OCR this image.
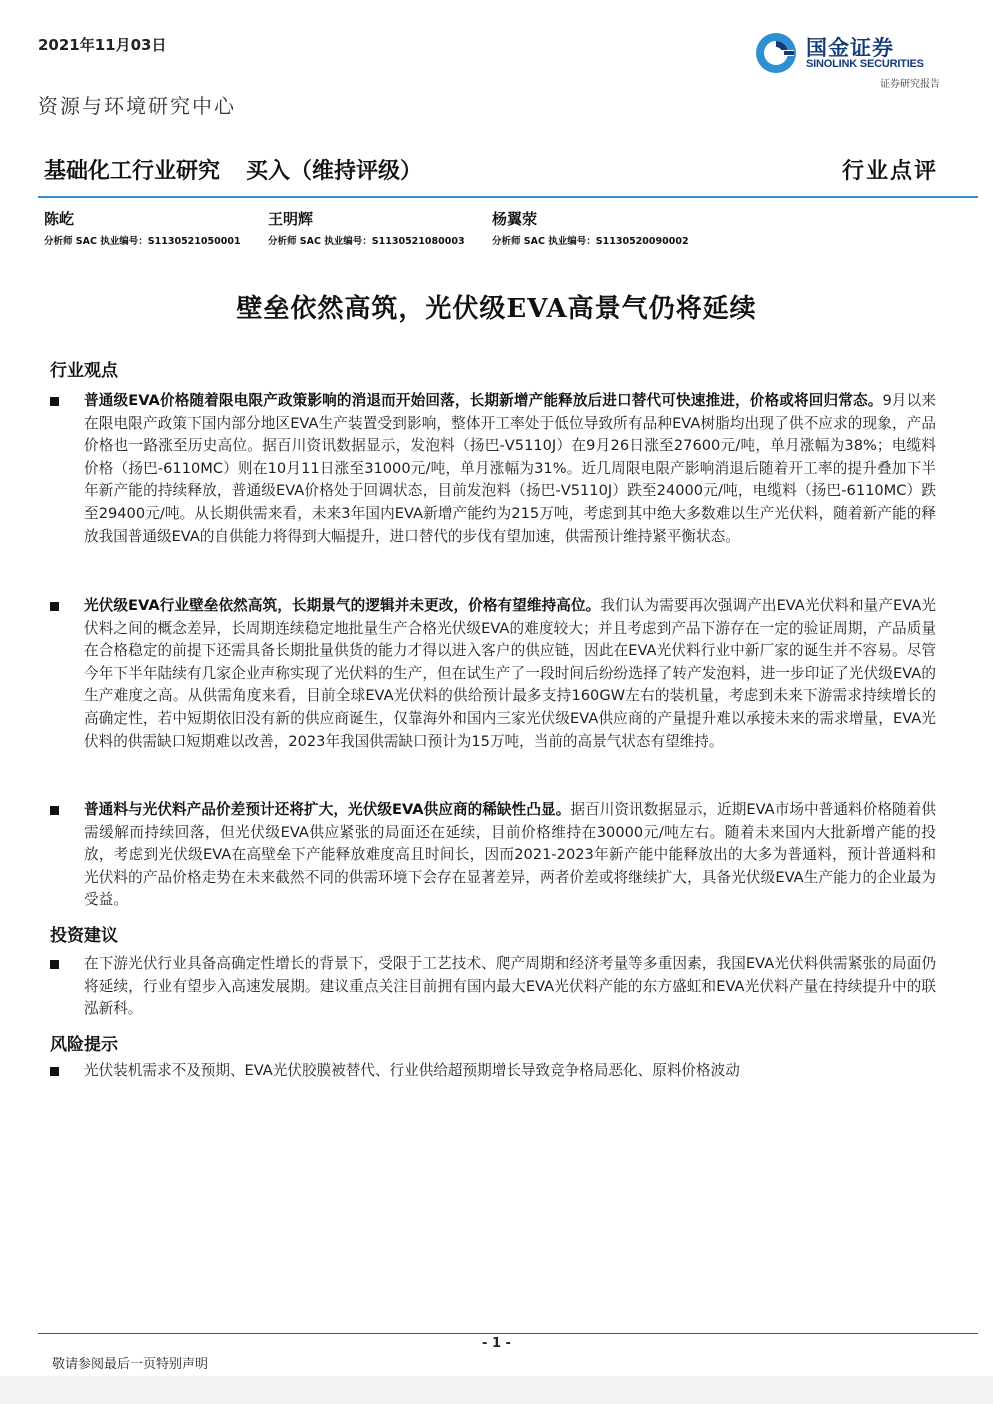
2021年11月03日	国金证券
SINOLINK SECURITIES
证券研究报告
资源与环境研究中心
基础化工行业研究 买入（维持评级）	行业点评
陈屹
分析师 SAC 执业编号：S1130521050001
王明辉
分析师 SAC 执业编号：S1130521080003
杨翼荥
分析师 SAC 执业编号：S1130520090002
壁垒依然高筑，光伏级EVA高景气仍将延续
行业观点
普通级EVA价格随着限电限产政策影响的消退而开始回落，长期新增产能释放后进口替代可快速推进，价格或将回归常态。9月以来在限电限产政策下国内部分地区EVA生产装置受到影响，整体开工率处于低位导致所有品种EVA树脂均出现了供不应求的现象，产品价格也一路涨至历史高位。据百川资讯数据显示，发泡料（扬巴-V5110J）在9月26日涨至27600元/吨，单月涨幅为38%；电缆料价格（扬巴-6110MC）则在10月11日涨至31000元/吨，单月涨幅为31%。近几周限电限产影响消退后随着开工率的提升叠加下半年新产能的持续释放，普通级EVA价格处于回调状态，目前发泡料（扬巴-V5110J）跌至24000元/吨，电缆料（扬巴-6110MC）跌至29400元/吨。从长期供需来看，未来3年国内EVA新增产能约为215万吨，考虑到其中绝大多数难以生产光伏料，随着新产能的释放我国普通级EVA的自供能力将得到大幅提升，进口替代的步伐有望加速，供需预计维持紧平衡状态。
光伏级EVA行业壁垒依然高筑，长期景气的逻辑并未更改，价格有望维持高位。我们认为需要再次强调产出EVA光伏料和量产EVA光伏料之间的概念差异，长周期连续稳定地批量生产合格光伏级EVA的难度较大；并且考虑到产品下游存在一定的验证周期，产品质量在合格稳定的前提下还需具备长期批量供货的能力才得以进入客户的供应链，因此在EVA光伏料行业中新厂家的诞生并不容易。尽管今年下半年陆续有几家企业声称实现了光伏料的生产，但在试生产了一段时间后纷纷选择了转产发泡料，进一步印证了光伏级EVA的生产难度之高。从供需角度来看，目前全球EVA光伏料的供给预计最多支持160GW左右的装机量，考虑到未来下游需求持续增长的高确定性，若中短期依旧没有新的供应商诞生，仅靠海外和国内三家光伏级EVA供应商的产量提升难以承接未来的需求增量，EVA光伏料的供需缺口短期难以改善，2023年我国供需缺口预计为15万吨，当前的高景气状态有望维持。
普通料与光伏料产品价差预计还将扩大，光伏级EVA供应商的稀缺性凸显。据百川资讯数据显示，近期EVA市场中普通料价格随着供需缓解而持续回落，但光伏级EVA供应紧张的局面还在延续，目前价格维持在30000元/吨左右。随着未来国内大批新增产能的投放，考虑到光伏级EVA在高壁垒下产能释放难度高且时间长，因而2021-2023年新产能中能释放出的大多为普通料，预计普通料和光伏料的产品价格走势在未来截然不同的供需环境下会存在显著差异，两者价差或将继续扩大，具备光伏级EVA生产能力的企业最为受益。
投资建议
在下游光伏行业具备高确定性增长的背景下，受限于工艺技术、爬产周期和经济考量等多重因素，我国EVA光伏料供需紧张的局面仍将延续，行业有望步入高速发展期。建议重点关注目前拥有国内最大EVA光伏料产能的东方盛虹和EVA光伏料产量在持续提升中的联泓新科。
风险提示
光伏装机需求不及预期、EVA光伏胶膜被替代、行业供给超预期增长导致竞争格局恶化、原料价格波动
- 1 -
敬请参阅最后一页特别声明
